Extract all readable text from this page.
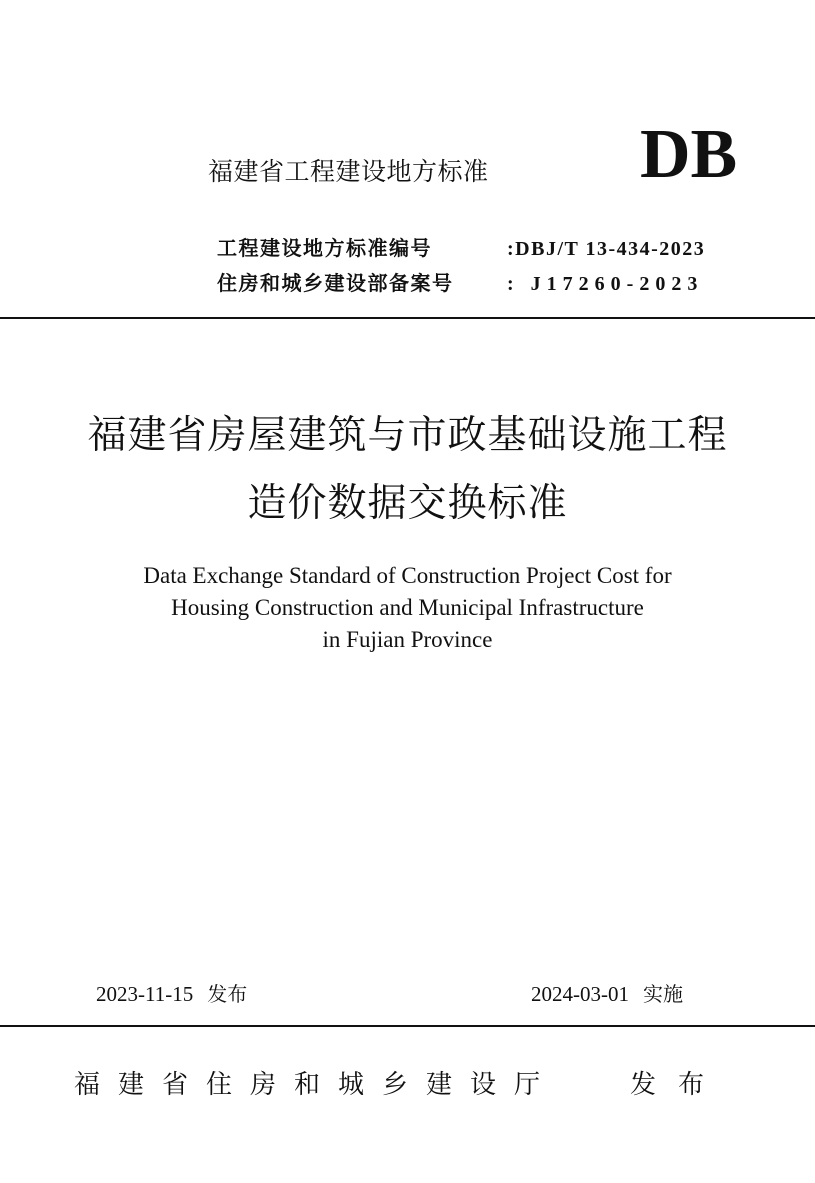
福建省工程建设地方标准 DB
工程建设地方标准编号	:DBJ/T 13-434-2023
住房和城乡建设部备案号	: J17260-2023
福建省房屋建筑与市政基础设施工程
造价数据交换标准
Data Exchange Standard of Construction Project Cost for
Housing Construction and Municipal Infrastructure
in Fujian Province
2023-11-15 发布	2024-03-01 实施
福建省住房和城乡建设厅	发布
